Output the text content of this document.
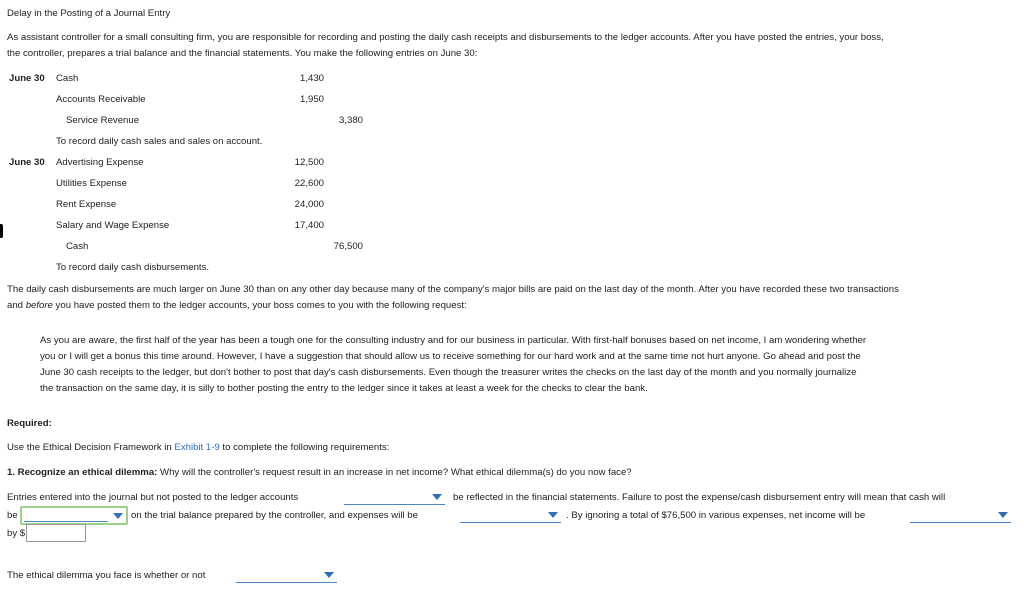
Delay in the Posting of a Journal Entry
As assistant controller for a small consulting firm, you are responsible for recording and posting the daily cash receipts and disbursements to the ledger accounts. After you have posted the entries, your boss,
the controller, prepares a trial balance and the financial statements. You make the following entries on June 30:
June 30 Cash	1,430
Accounts Receivable	1,950
Service Revenue	3,380
To record daily cash sales and sales on account.
June 30 Advertising Expense	12,500
Utilities Expense	22,600
Rent Expense	24,000
Salary and Wage Expense	17,400
Cash	76,500
To record daily cash disbursements.
The daily cash disbursements are much larger on June 30 than on any other day because many of the company's major bills are paid on the last day of the month. After you have recorded these two transactions
and before you have posted them to the ledger accounts, your boss comes to you with the following request:
As you are aware, the first half of the year has been a tough one for the consulting industry and for our business in particular. With first-half bonuses based on net income, I am wondering whether
you or I will get a bonus this time around. However, I have a suggestion that should allow us to receive something for our hard work and at the same time not hurt anyone. Go ahead and post the
June 30 cash receipts to the ledger, but don't bother to post that day's cash disbursements. Even though the treasurer writes the checks on the last day of the month and you normally journalize
the transaction on the same day, it is silly to bother posting the entry to the ledger since it takes at least a week for the checks to clear the bank.
Required:
Use the Ethical Decision Framework in Exhibit 1-9 to complete the following requirements:
1. Recognize an ethical dilemma: Why will the controller's request result in an increase in net income? What ethical dilemma(s) do you now face?
Entries entered into the journal but not posted to the ledger accounts	be reflected in the financial statements. Failure to post the expense/cash disbursement entry will mean that cash will
be	on the trial balance prepared by the controller, and expenses will be	. By ignoring a total of $76,500 in various expenses, net income will be
by $
The ethical dilemma you face is whether or not
